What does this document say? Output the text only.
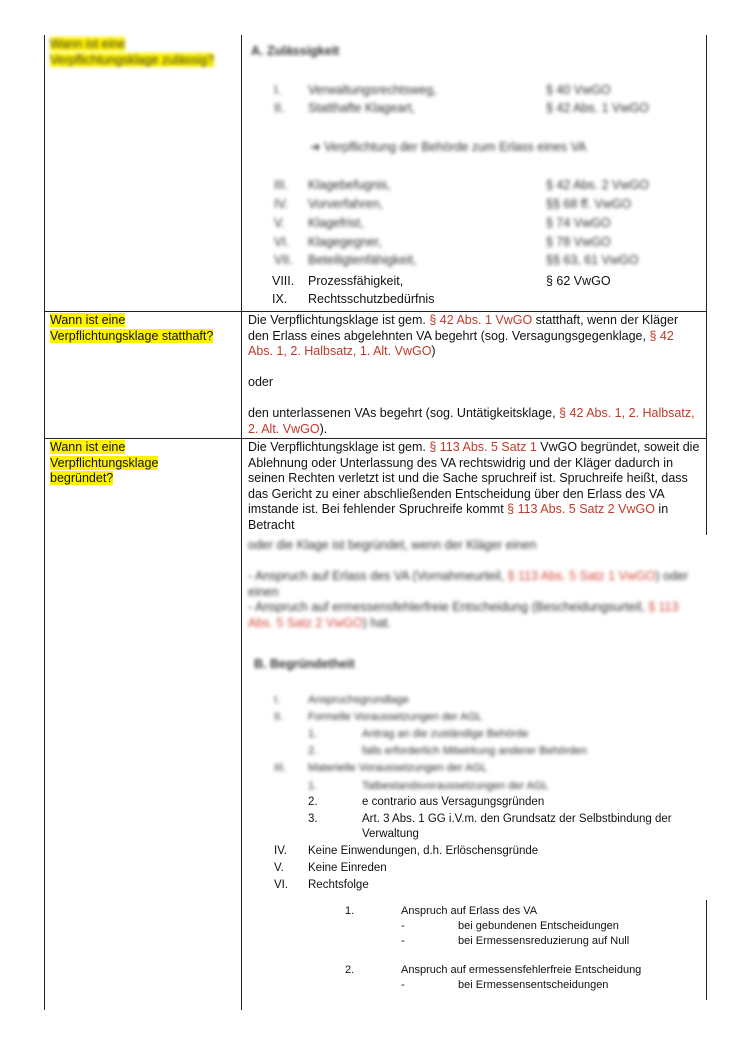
Wann ist eine Verpflichtungsklage zulässig?
A. Zulässigkeit
I. Verwaltungsrechtsweg,	§ 40 VwGO
II. Statthafte Klageart,	§ 42 Abs. 1 VwGO
➜ Verpflichtung der Behörde zum Erlass eines VA
III. Klagebefugnis,	§ 42 Abs. 2 VwGO
IV. Vorverfahren,	§§ 68 ff. VwGO
V. Klagefrist,	§ 74 VwGO
VI. Klagegegner,	§ 78 VwGO
VII. Beteiligtenfähigkeit,	§§ 63, 61 VwGO
VIII. Prozessfähigkeit,	§ 62 VwGO
IX. Rechtsschutzbedürfnis
Wann ist eine Verpflichtungsklage statthaft?
Die Verpflichtungsklage ist gem. § 42 Abs. 1 VwGO statthaft, wenn der Kläger den Erlass eines abgelehnten VA begehrt (sog. Versagungsgegenklage, § 42 Abs. 1, 2. Halbsatz, 1. Alt. VwGO)
oder
den unterlassenen VAs begehrt (sog. Untätigkeitsklage, § 42 Abs. 1, 2. Halbsatz, 2. Alt. VwGO).
Wann ist eine Verpflichtungsklage begründet?
Die Verpflichtungsklage ist gem. § 113 Abs. 5 Satz 1 VwGO begründet, soweit die Ablehnung oder Unterlassung des VA rechtswidrig und der Kläger dadurch in seinen Rechten verletzt ist und die Sache spruchreif ist. Spruchreife heißt, dass das Gericht zu einer abschließenden Entscheidung über den Erlass des VA imstande ist. Bei fehlender Spruchreife kommt § 113 Abs. 5 Satz 2 VwGO in Betracht
oder die Klage ist begründet, wenn der Kläger einen
- Anspruch auf Erlass des VA (Vornahmeurteil, § 113 Abs. 5 Satz 1 VwGO) oder einen
- Anspruch auf ermessensfehlerfreie Entscheidung (Bescheidungsurteil, § 113 Abs. 5 Satz 2 VwGO) hat.
B. Begründetheit
I.	Anspruchsgrundlage
II. Formelle Voraussetzungen der AGL
1.	Antrag an die zuständige Behörde
2.	falls erforderlich Mitwirkung anderer Behörden
III. Materielle Voraussetzungen der AGL
1.	Tatbestandsvoraussetzungen der AGL
2.	e contrario aus Versagungsgründen
3.	Art. 3 Abs. 1 GG i.V.m. den Grundsatz der Selbstbindung der Verwaltung
IV. Keine Einwendungen, d.h. Erlöschensgründe
V. Keine Einreden
VI. Rechtsfolge
1.	Anspruch auf Erlass des VA
-	bei gebundenen Entscheidungen
-	bei Ermessensreduzierung auf Null
2.	Anspruch auf ermessensfehlerfreie Entscheidung
-	bei Ermessensentscheidungen
